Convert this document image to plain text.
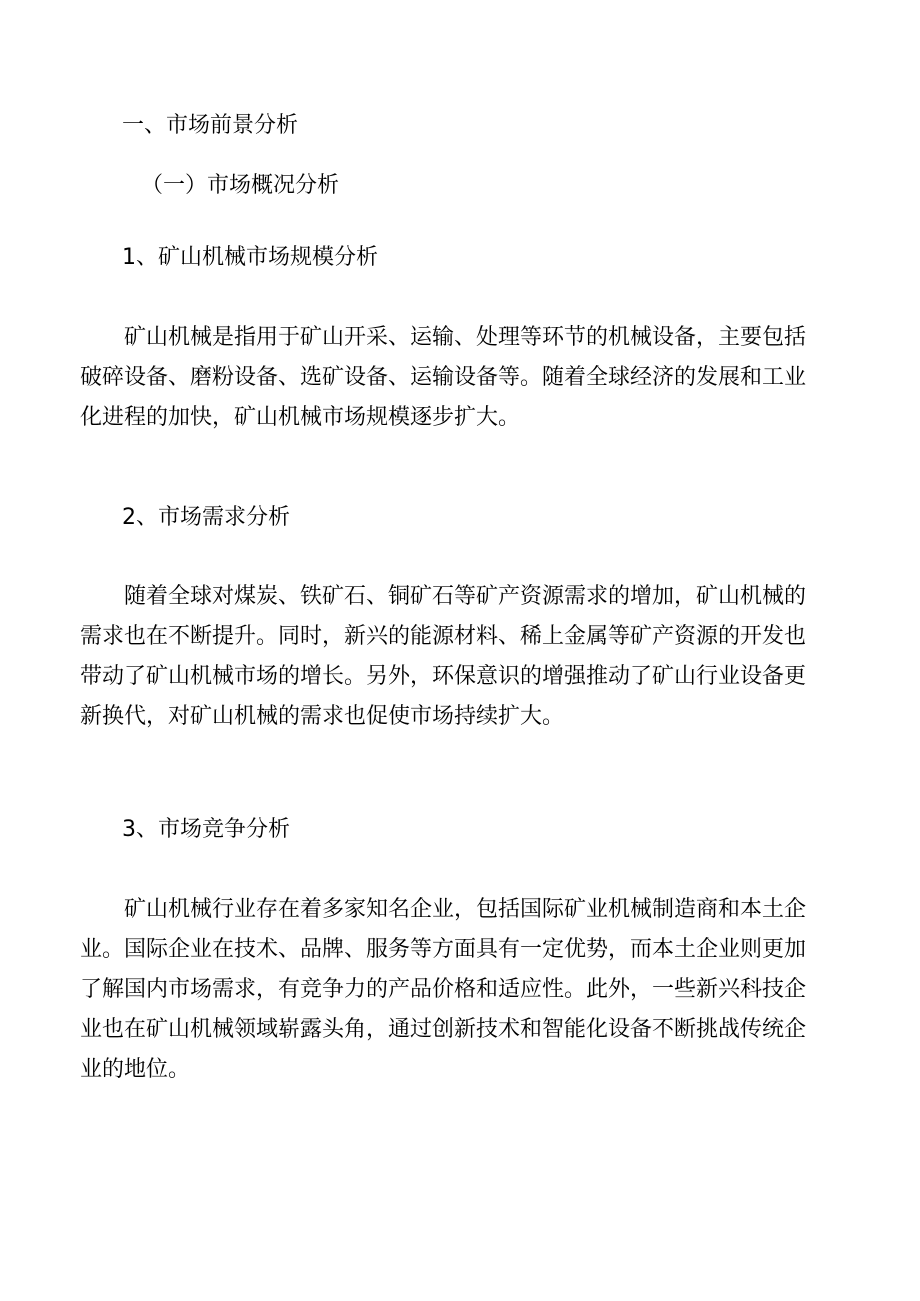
一、市场前景分析
（一）市场概况分析
1、矿山机械市场规模分析
矿山机械是指用于矿山开采、运输、处理等环节的机械设备，主要包括
破碎设备、磨粉设备、选矿设备、运输设备等。随着全球经济的发展和工业
化进程的加快，矿山机械市场规模逐步扩大。
2、市场需求分析
随着全球对煤炭、铁矿石、铜矿石等矿产资源需求的增加，矿山机械的
需求也在不断提升。同时，新兴的能源材料、稀上金属等矿产资源的开发也
带动了矿山机械市场的增长。另外，环保意识的增强推动了矿山行业设备更
新换代，对矿山机械的需求也促使市场持续扩大。
3、市场竞争分析
矿山机械行业存在着多家知名企业，包括国际矿业机械制造商和本土企
业。国际企业在技术、品牌、服务等方面具有一定优势，而本土企业则更加
了解国内市场需求，有竞争力的产品价格和适应性。此外，一些新兴科技企
业也在矿山机械领域崭露头角，通过创新技术和智能化设备不断挑战传统企
业的地位。
